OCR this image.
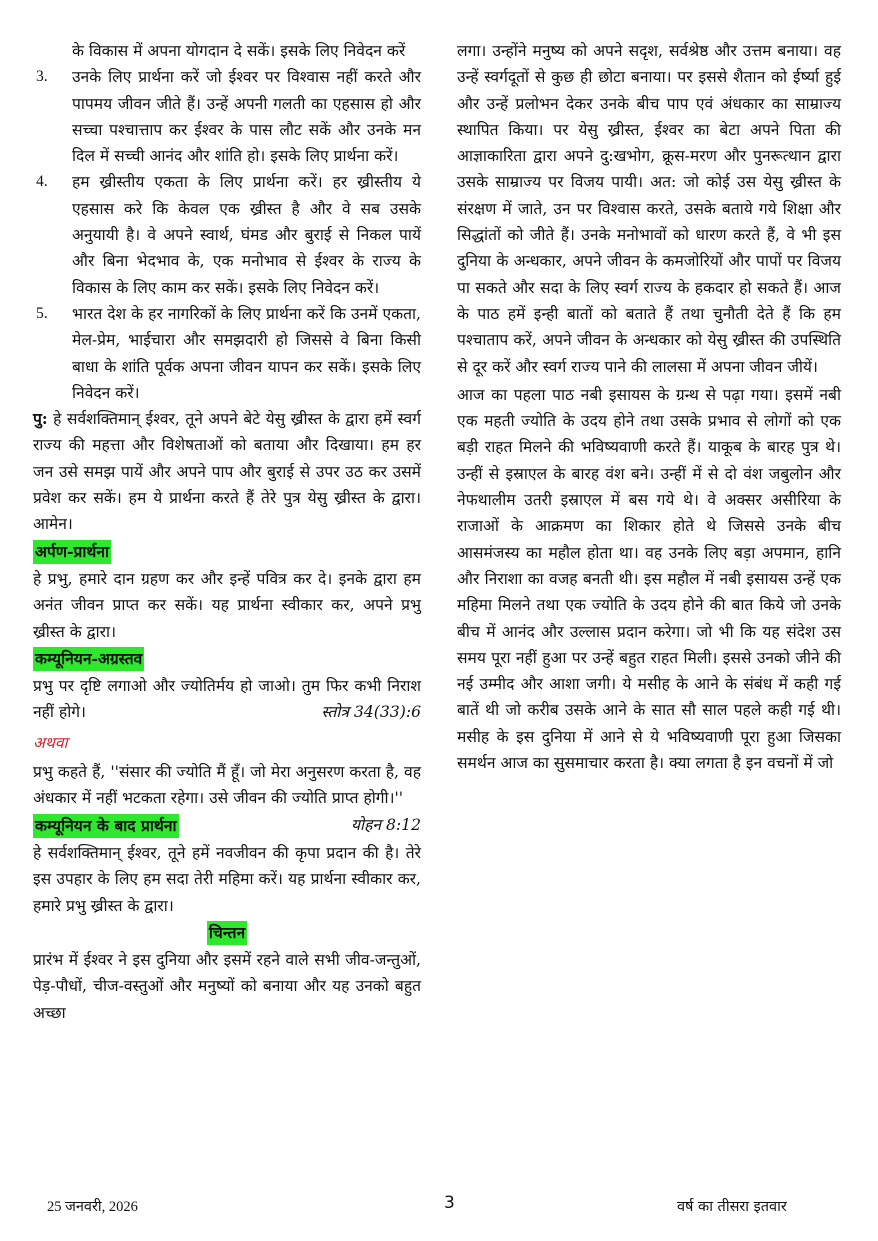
के विकास में अपना योगदान दे सकें। इसके लिए निवेदन करें

3. उनके लिए प्रार्थना करें जो ईश्वर पर विश्वास नहीं करते और पापमय जीवन जीते हैं। उन्हें अपनी गलती का एहसास हो और सच्चा पश्चात्ताप कर ईश्वर के पास लौट सकें और उनके मन दिल में सच्ची आनंद और शांति हो। इसके लिए प्रार्थना करें।

4. हम ख्रीस्तीय एकता के लिए प्रार्थना करें। हर ख्रीस्तीय ये एहसास करे कि केवल एक ख्रीस्त है और वे सब उसके अनुयायी है। वे अपने स्वार्थ, घंमड और बुराई से निकल पायें और बिना भेदभाव के, एक मनोभाव से ईश्वर के राज्य के विकास के लिए काम कर सकें। इसके लिए निवेदन करें।

5. भारत देश के हर नागरिकों के लिए प्रार्थना करें कि उनमें एकता, मेल-प्रेम, भाईचारा और समझदारी हो जिससे वे बिना किसी बाधा के शांति पूर्वक अपना जीवन यापन कर सकें। इसके लिए निवेदन करें।

पु: हे सर्वशक्तिमान् ईश्वर, तूने अपने बेटे येसु ख्रीस्त के द्वारा हमें स्वर्ग राज्य की महत्ता और विशेषताओं को बताया और दिखाया। हम हर जन उसे समझ पायें और अपने पाप और बुराई से उपर उठ कर उसमें प्रवेश कर सकें। हम ये प्रार्थना करते हैं तेरे पुत्र येसु ख्रीस्त के द्वारा। आमेन।

अर्पण-प्रार्थना

हे प्रभु, हमारे दान ग्रहण कर और इन्हें पवित्र कर दे। इनके द्वारा हम अनंत जीवन प्राप्त कर सकें। यह प्रार्थना स्वीकार कर, अपने प्रभु ख्रीस्त के द्वारा।

कम्यूनियन-अग्रस्तव

प्रभु पर दृष्टि लगाओ और ज्योतिर्मय हो जाओ। तुम फिर कभी निराश नहीं होगे।	स्तोत्र 34(33):6

अथवा

प्रभु कहते हैं, ''संसार की ज्योति मैं हूँ। जो मेरा अनुसरण करता है, वह अंधकार में नहीं भटकता रहेगा। उसे जीवन की ज्योति प्राप्त होगी।''
योहन 8:12

कम्यूनियन के बाद प्रार्थना

हे सर्वशक्तिमान् ईश्वर, तूने हमें नवजीवन की कृपा प्रदान की है। तेरे इस उपहार के लिए हम सदा तेरी महिमा करें। यह प्रार्थना स्वीकार कर, हमारे प्रभु ख्रीस्त के द्वारा।

चिन्तन

प्रारंभ में ईश्वर ने इस दुनिया और इसमें रहने वाले सभी जीव-जन्तुओं, पेड़-पौधों, चीज-वस्तुओं और मनुष्यों को बनाया और यह उनको बहुत अच्छा

लगा। उन्होंने मनुष्य को अपने सदृश, सर्वश्रेष्ठ और उत्तम बनाया। वह उन्हें स्वर्गदूतों से कुछ ही छोटा बनाया। पर इससे शैतान को ईर्ष्या हुई और उन्हें प्रलोभन देकर उनके बीच पाप एवं अंधकार का साम्राज्य स्थापित किया। पर येसु ख्रीस्त, ईश्वर का बेटा अपने पिता की आज्ञाकारिता द्वारा अपने दु:खभोग, क्रूस-मरण और पुनरूत्थान द्वारा उसके साम्राज्य पर विजय पायी। अत: जो कोई उस येसु ख्रीस्त के संरक्षण में जाते, उन पर विश्वास करते, उसके बताये गये शिक्षा और सिद्धांतों को जीते हैं। उनके मनोभावों को धारण करते हैं, वे भी इस दुनिया के अन्धकार, अपने जीवन के कमजोरियों और पापों पर विजय पा सकते और सदा के लिए स्वर्ग राज्य के हकदार हो सकते हैं। आज के पाठ हमें इन्ही बातों को बताते हैं तथा चुनौती देते हैं कि हम पश्चाताप करें, अपने जीवन के अन्धकार को येसु ख्रीस्त की उपस्थिति से दूर करें और स्वर्ग राज्य पाने की लालसा में अपना जीवन जीयें।

आज का पहला पाठ नबी इसायस के ग्रन्थ से पढ़ा गया। इसमें नबी एक महती ज्योति के उदय होने तथा उसके प्रभाव से लोगों को एक बड़ी राहत मिलने की भविष्यवाणी करते हैं। याकूब के बारह पुत्र थे। उन्हीं से इस्राएल के बारह वंश बने। उन्हीं में से दो वंश जबुलोन और नेफथालीम उतरी इस्राएल में बस गये थे। वे अक्सर असीरिया के राजाओं के आक्रमण का शिकार होते थे जिससे उनके बीच आसमंजस्य का महौल होता था। वह उनके लिए बड़ा अपमान, हानि और निराशा का वजह बनती थी। इस महौल में नबी इसायस उन्हें एक महिमा मिलने तथा एक ज्योति के उदय होने की बात किये जो उनके बीच में आनंद और उल्लास प्रदान करेगा। जो भी कि यह संदेश उस समय पूरा नहीं हुआ पर उन्हें बहुत राहत मिली। इससे उनको जीने की नई उम्मीद और आशा जगी। ये मसीह के आने के संबंध में कही गई बातें थी जो करीब उसके आने के सात सौ साल पहले कही गई थी। मसीह के इस दुनिया में आने से ये भविष्यवाणी पूरा हुआ जिसका समर्थन आज का सुसमाचार करता है। क्या लगता है इन वचनों में जो

25 जनवरी, 2026	3	वर्ष का तीसरा इतवार
